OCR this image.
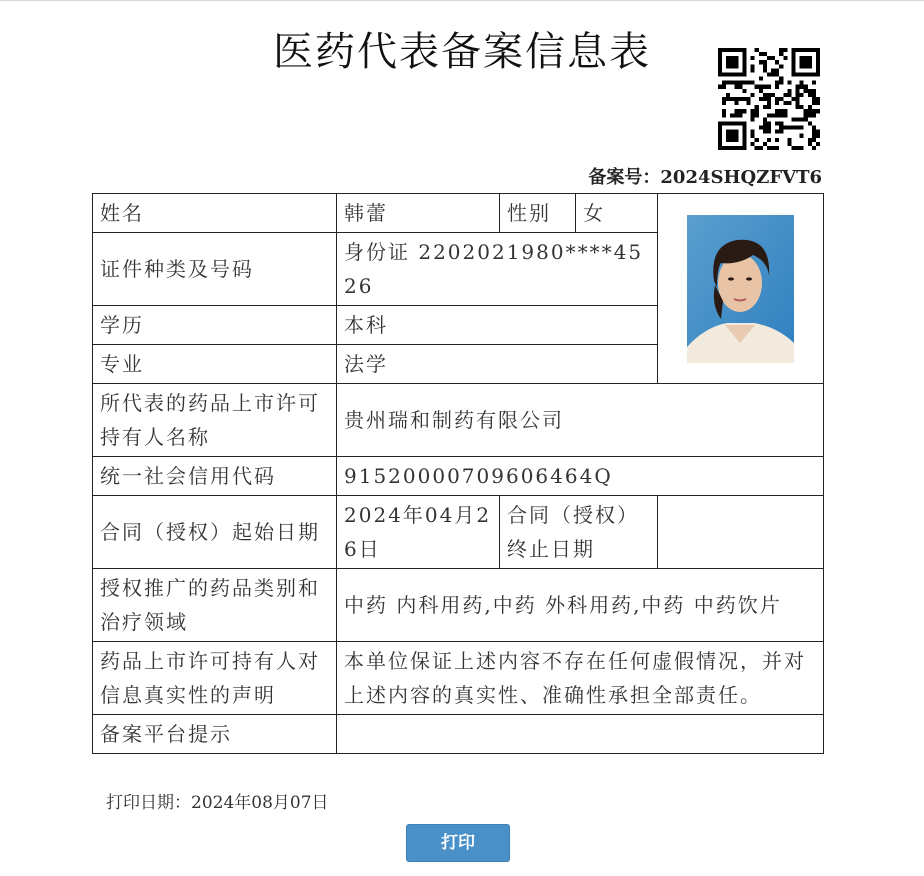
医药代表备案信息表
备案号：2024SHQZFVT6
姓名	韩蕾	性别	女	

证件种类及号码	身份证 2202021980****4526			
学历	本科			
专业	法学			
所代表的药品上市许可持有人名称	贵州瑞和制药有限公司			
统一社会信用代码	91520000709606464Q			
合同（授权）起始日期	2024年04月26日	合同（授权）终止日期		
授权推广的药品类别和治疗领域	中药 内科用药,中药 外科用药,中药 中药饮片			
药品上市许可持有人对信息真实性的声明	本单位保证上述内容不存在任何虚假情况，并对上述内容的真实性、准确性承担全部责任。			
备案平台提示				
打印日期：2024年08月07日
打印
